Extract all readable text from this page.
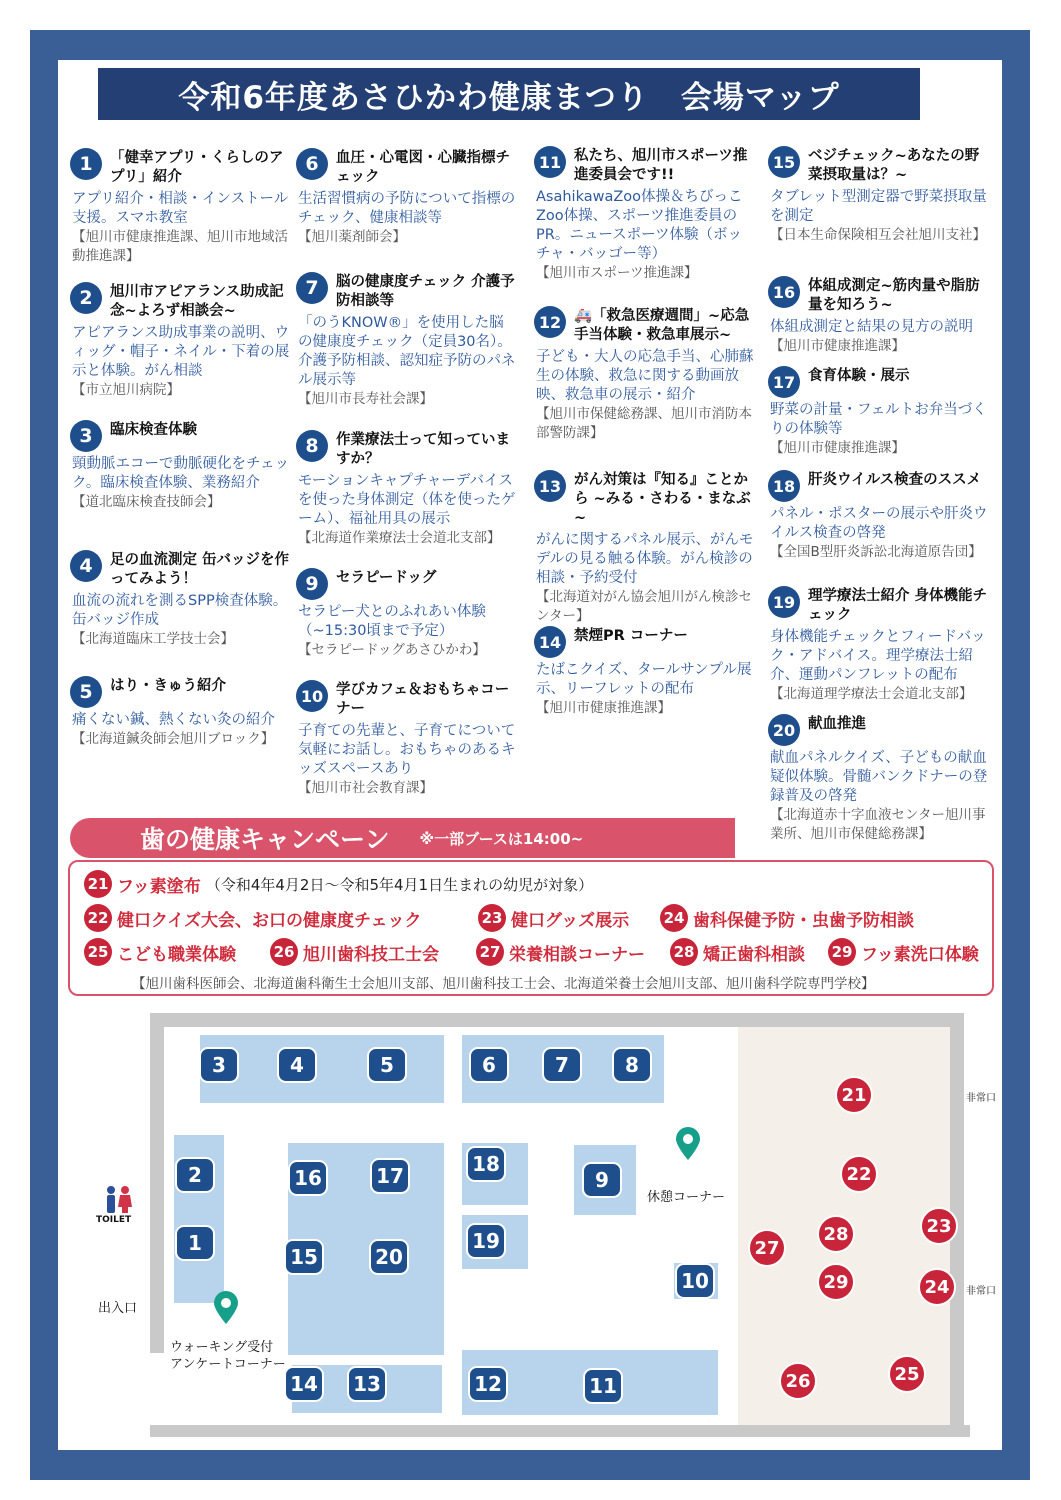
令和6年度あさひかわ健康まつり　会場マップ
1	「健幸アプリ・くらしのアプリ」紹介
アプリ紹介・相談・インストール支援。スマホ教室
【旭川市健康推進課、旭川市地域活動推進課】
2	旭川市アピアランス助成記念~よろず相談会~
アピアランス助成事業の説明、ウィッグ・帽子・ネイル・下着の展示と体験。がん相談
【市立旭川病院】
3	臨床検査体験
頸動脈エコーで動脈硬化をチェック。臨床検査体験、業務紹介
【道北臨床検査技師会】
4	足の血流測定 缶バッジを作ってみよう！
血流の流れを測るSPP検査体験。缶バッジ作成
【北海道臨床工学技士会】
5	はり・きゅう紹介
痛くない鍼、熱くない灸の紹介
【北海道鍼灸師会旭川ブロック】
6	血圧・心電図・心臓指標チェック
生活習慣病の予防について指標のチェック、健康相談等
【旭川薬剤師会】
7	脳の健康度チェック 介護予防相談等
「のうKNOW®」を使用した脳の健康度チェック（定員30名）。介護予防相談、認知症予防のパネル展示等
【旭川市長寿社会課】
8	作業療法士って知っていますか？
モーションキャプチャーデバイスを使った身体測定（体を使ったゲーム）、福祉用具の展示
【北海道作業療法士会道北支部】
9	セラピードッグ
セラピー犬とのふれあい体験（~15:30頃まで予定）
【セラピードッグあさひかわ】
10 学びカフェ＆おもちゃコーナー
子育ての先輩と、子育てについて気軽にお話し。おもちゃのあるキッズスペースあり
【旭川市社会教育課】
11 私たち、旭川市スポーツ推進委員会です!!
AsahikawaZoo体操＆ちびっこZoo体操、スポーツ推進委員のPR。ニュースポーツ体験（ボッチャ・バッゴー等）
【旭川市スポーツ推進課】
12 🚑「救急医療週間」~応急手当体験・救急車展示~
子ども・大人の応急手当、心肺蘇生の体験、救急に関する動画放映、救急車の展示・紹介
【旭川市保健総務課、旭川市消防本部警防課】
13 がん対策は『知る』ことから ~みる・さわる・まなぶ~
がんに関するパネル展示、がんモデルの見る触る体験。がん検診の相談・予約受付
【北海道対がん協会旭川がん検診センター】
14 禁煙PR コーナー
たばこクイズ、タールサンプル展示、リーフレットの配布
【旭川市健康推進課】
15 ベジチェック~あなたの野菜摂取量は？~
タブレット型測定器で野菜摂取量を測定
【日本生命保険相互会社旭川支社】
16 体組成測定~筋肉量や脂肪量を知ろう~
体組成測定と結果の見方の説明
【旭川市健康推進課】
17 食育体験・展示
野菜の計量・フェルトお弁当づくりの体験等
【旭川市健康推進課】
18 肝炎ウイルス検査のススメ
パネル・ポスターの展示や肝炎ウイルス検査の啓発
【全国B型肝炎訴訟北海道原告団】
19 理学療法士紹介 身体機能チェック
身体機能チェックとフィードバック・アドバイス。理学療法士紹介、運動パンフレットの配布
【北海道理学療法士会道北支部】
20 献血推進
献血パネルクイズ、子どもの献血疑似体験。骨髄バンクドナーの登録普及の啓発
【北海道赤十字血液センター旭川事業所、旭川市保健総務課】
歯の健康キャンペーン ※一部ブースは14:00~
21 フッ素塗布 （令和4年4月2日～令和5年4月1日生まれの幼児が対象）
22 健口クイズ大会、お口の健康度チェック	23 健口グッズ展示 24 歯科保健予防・虫歯予防相談
25 こども職業体験	26 旭川歯科技工士会	27 栄養相談コーナー 28 矯正歯科相談 29 フッ素洗口体験
【旭川歯科医師会、北海道歯科衛生士会旭川支部、旭川歯科技工士会、北海道栄養士会旭川支部、旭川歯科学院専門学校】
3	4	5	6	7	8
2
1
16	17	18
9
19
15	20
10
14	13	12	11
21
22
23
27
28
29	24
26	25
休憩コーナー
ウォーキング受付
アンケートコーナー
出入口
非常口
非常口
TOILET
